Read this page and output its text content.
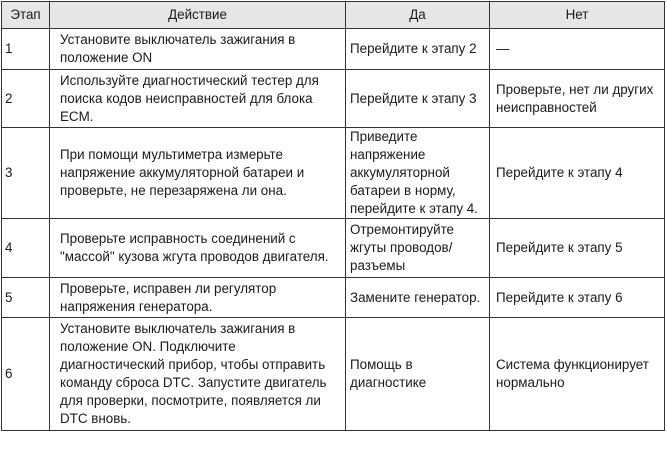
Этап	Действие	Да	Нет
1	Установите выключатель зажигания в положение ON	Перейдите к этапу 2	—
2	Используйте диагностический тестер для поиска кодов неисправностей для блока ECM.	Перейдите к этапу 3	Проверьте, нет ли других неисправностей
3	При помощи мультиметра измерьте напряжение аккумуляторной батареи и проверьте, не перезаряжена ли она.	Приведите напряжение аккумуляторной батареи в норму, перейдите к этапу 4.	Перейдите к этапу 4
4	Проверьте исправность соединений с "массой" кузова жгута проводов двигателя.	Отремонтируйте жгуты проводов/разъемы	Перейдите к этапу 5
5	Проверьте, исправен ли регулятор напряжения генератора.	Замените генератор.	Перейдите к этапу 6
6	Установите выключатель зажигания в положение ON. Подключите диагностический прибор, чтобы отправить команду сброса DTC. Запустите двигатель для проверки, посмотрите, появляется ли DTC вновь.	Помощь в диагностике	Система функционирует нормально
